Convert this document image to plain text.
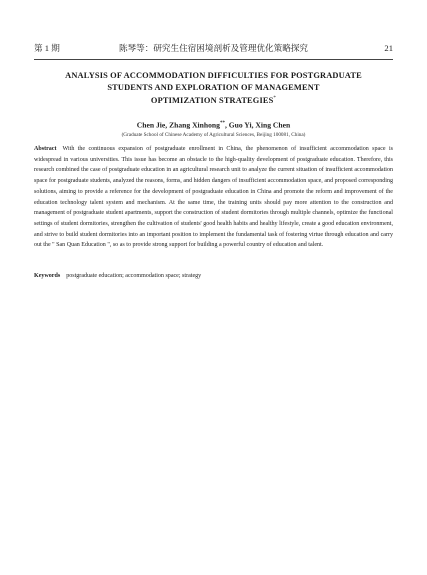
第 1 期	陈琴等：研究生住宿困境剖析及管理优化策略探究	21
ANALYSIS OF ACCOMMODATION DIFFICULTIES FOR POSTGRADUATE
STUDENTS AND EXPLORATION OF MANAGEMENT
OPTIMIZATION STRATEGIES*
Chen Jie, Zhang Xinhong**, Guo Yi, Xing Chen
(Graduate School of Chinese Academy of Agricultural Sciences, Beijing 100081, China)
Abstract With the continuous expansion of postgraduate enrollment in China, the phenomenon of insufficient accommodation space is widespread in various universities. This issue has become an obstacle to the high-quality development of postgraduate education. Therefore, this research combined the case of postgraduate education in an agricultural research unit to analyze the current situation of insufficient accommodation space for postgraduate students, analyzed the reasons, forms, and hidden dangers of insufficient accommodation space, and proposed corresponding solutions, aiming to provide a reference for the development of postgraduate education in China and promote the reform and improvement of the education technology talent system and mechanism. At the same time, the training units should pay more attention to the construction and management of postgraduate student apartments, support the construction of student dormitories through multiple channels, optimize the functional settings of student dormitories, strengthen the cultivation of students' good health habits and healthy lifestyle, create a good education environment, and strive to build student dormitories into an important position to implement the fundamental task of fostering virtue through education and carry out the " San Quan Education ", so as to provide strong support for building a powerful country of education and talent.
Keywords postgraduate education; accommodation space; strategy
